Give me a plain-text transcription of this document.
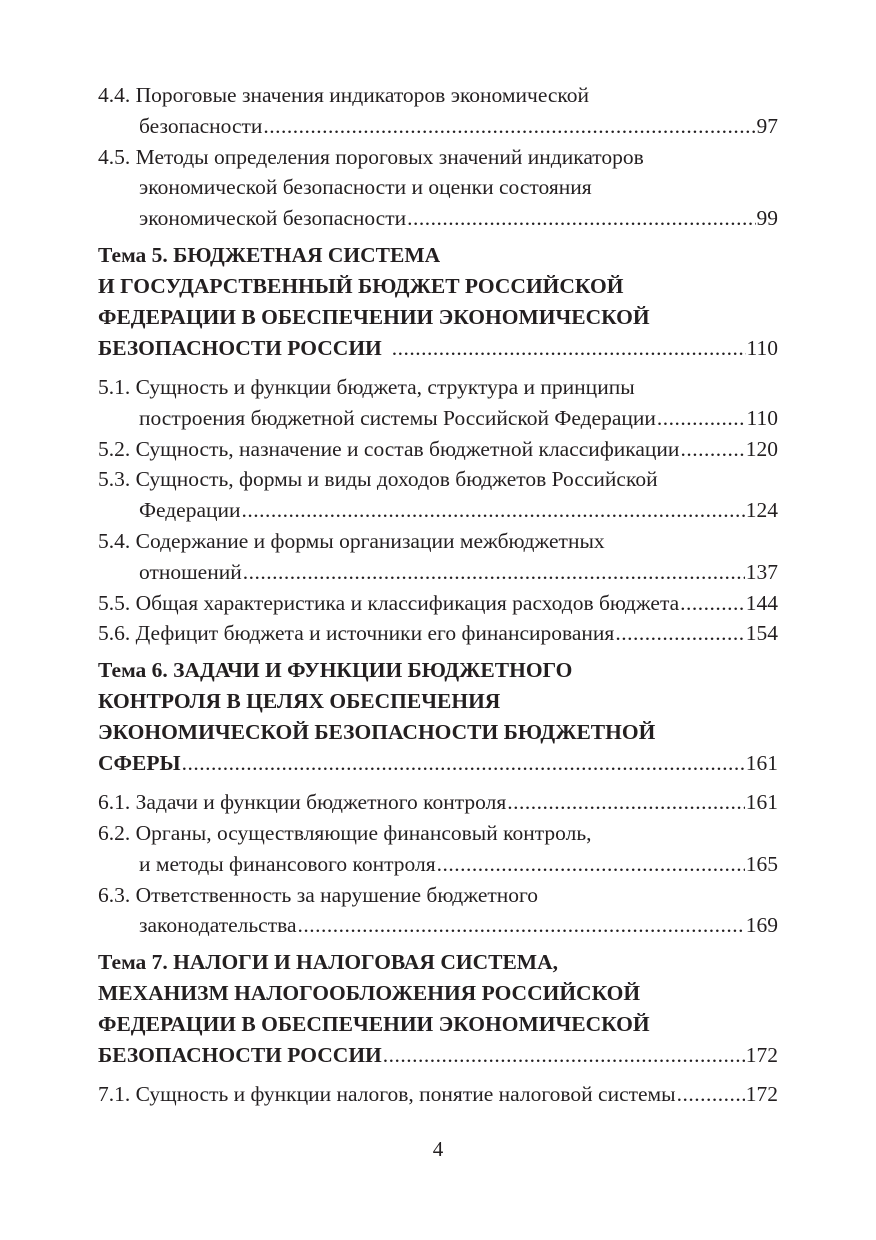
4.4. Пороговые значения индикаторов экономической
безопасности .....	97
4.5. Методы определения пороговых значений индикаторов
экономической безопасности и оценки состояния
экономической безопасности .....	99
Тема 5. БЮДЖЕТНАЯ СИСТЕМА
И ГОСУДАРСТВЕННЫЙ БЮДЖЕТ РОССИЙСКОЙ
ФЕДЕРАЦИИ В ОБЕСПЕЧЕНИИ ЭКОНОМИЧЕСКОЙ
БЕЗОПАСНОСТИ РОССИИ .....	110
5.1. Сущность и функции бюджета, структура и принципы
построения бюджетной системы Российской Федерации .....	110
5.2. Сущность, назначение и состав бюджетной классификации .....	120
5.3. Сущность, формы и виды доходов бюджетов Российской
Федерации .....	124
5.4. Содержание и формы организации межбюджетных
отношений .....	137
5.5. Общая характеристика и классификация расходов бюджета .....	144
5.6. Дефицит бюджета и источники его финансирования .....	154
Тема 6. ЗАДАЧИ И ФУНКЦИИ БЮДЖЕТНОГО
КОНТРОЛЯ В ЦЕЛЯХ ОБЕСПЕЧЕНИЯ
ЭКОНОМИЧЕСКОЙ БЕЗОПАСНОСТИ БЮДЖЕТНОЙ
СФЕРЫ .....	161
6.1. Задачи и функции бюджетного контроля .....	161
6.2. Органы, осуществляющие финансовый контроль,
и методы финансового контроля .....	165
6.3. Ответственность за нарушение бюджетного
законодательства .....	169
Тема 7. НАЛОГИ И НАЛОГОВАЯ СИСТЕМА,
МЕХАНИЗМ НАЛОГООБЛОЖЕНИЯ РОССИЙСКОЙ
ФЕДЕРАЦИИ В ОБЕСПЕЧЕНИИ ЭКОНОМИЧЕСКОЙ
БЕЗОПАСНОСТИ РОССИИ .....	172
7.1. Сущность и функции налогов, понятие налоговой системы .....	172
4
